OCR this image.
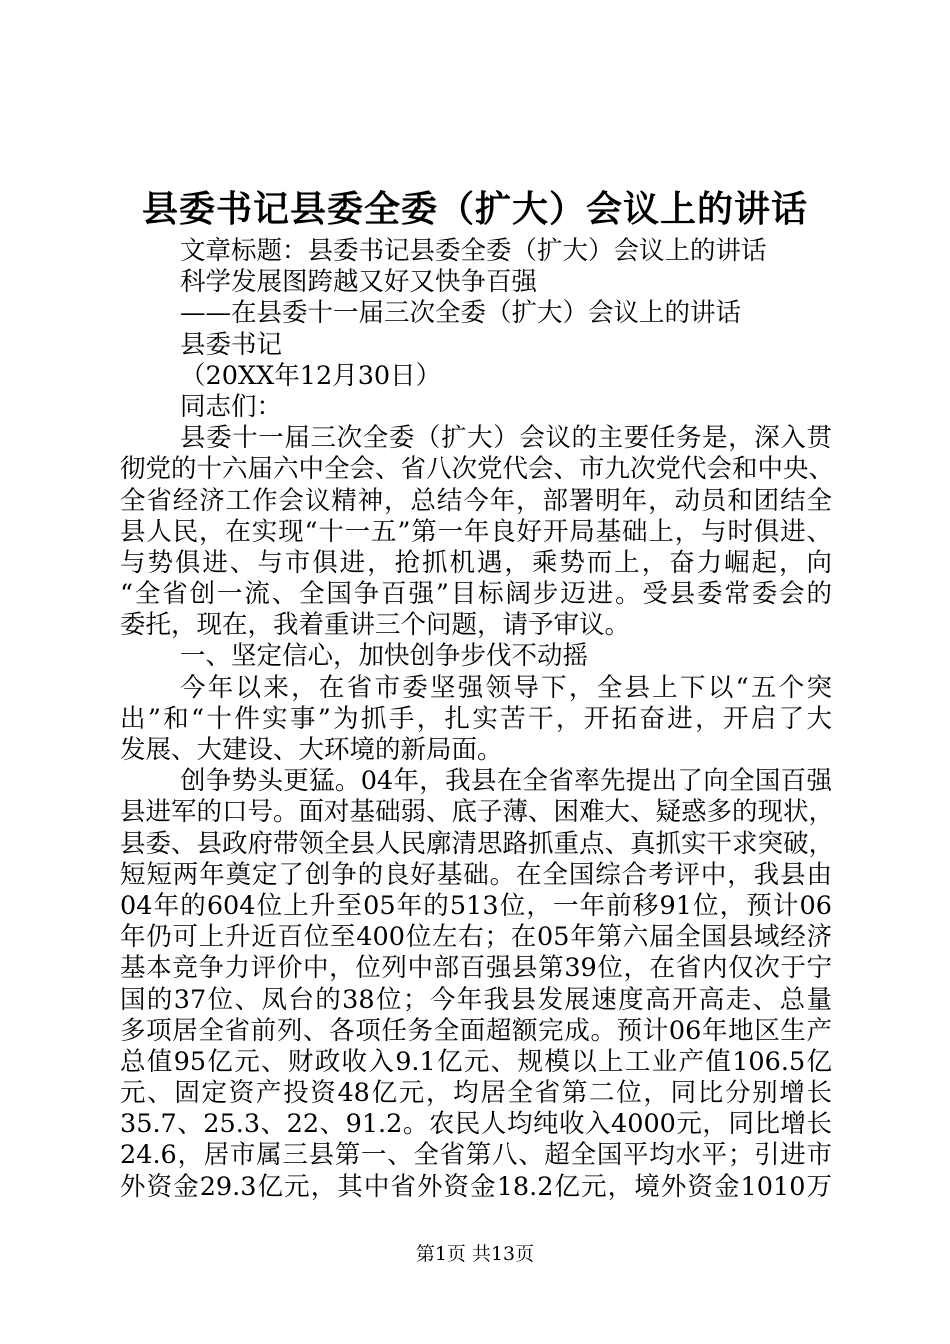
县委书记县委全委（扩大）会议上的讲话
文章标题：县委书记县委全委（扩大）会议上的讲话
科学发展图跨越又好又快争百强
——在县委十一届三次全委（扩大）会议上的讲话
县委书记
（20XX年12月30日）
同志们：
县委十一届三次全委（扩大）会议的主要任务是，深入贯
彻党的十六届六中全会、省八次党代会、市九次党代会和中央、
全省经济工作会议精神，总结今年，部署明年，动员和团结全
县人民，在实现“十一五”第一年良好开局基础上，与时俱进、
与势俱进、与市俱进，抢抓机遇，乘势而上，奋力崛起，向
“全省创一流、全国争百强”目标阔步迈进。受县委常委会的
委托，现在，我着重讲三个问题，请予审议。
一、坚定信心，加快创争步伐不动摇
今年以来，在省市委坚强领导下，全县上下以“五个突
出”和“十件实事”为抓手，扎实苦干，开拓奋进，开启了大
发展、大建设、大环境的新局面。
创争势头更猛。04年，我县在全省率先提出了向全国百强
县进军的口号。面对基础弱、底子薄、困难大、疑惑多的现状，
县委、县政府带领全县人民廓清思路抓重点、真抓实干求突破，
短短两年奠定了创争的良好基础。在全国综合考评中，我县由
04年的604位上升至05年的513位，一年前移91位，预计06
年仍可上升近百位至400位左右；在05年第六届全国县域经济
基本竞争力评价中，位列中部百强县第39位，在省内仅次于宁
国的37位、凤台的38位；今年我县发展速度高开高走、总量
多项居全省前列、各项任务全面超额完成。预计06年地区生产
总值95亿元、财政收入9.1亿元、规模以上工业产值106.5亿
元、固定资产投资48亿元，均居全省第二位，同比分别增长
35.7、25.3、22、91.2。农民人均纯收入4000元，同比增长
24.6，居市属三县第一、全省第八、超全国平均水平；引进市
外资金29.3亿元，其中省外资金18.2亿元，境外资金1010万
第1页 共13页
